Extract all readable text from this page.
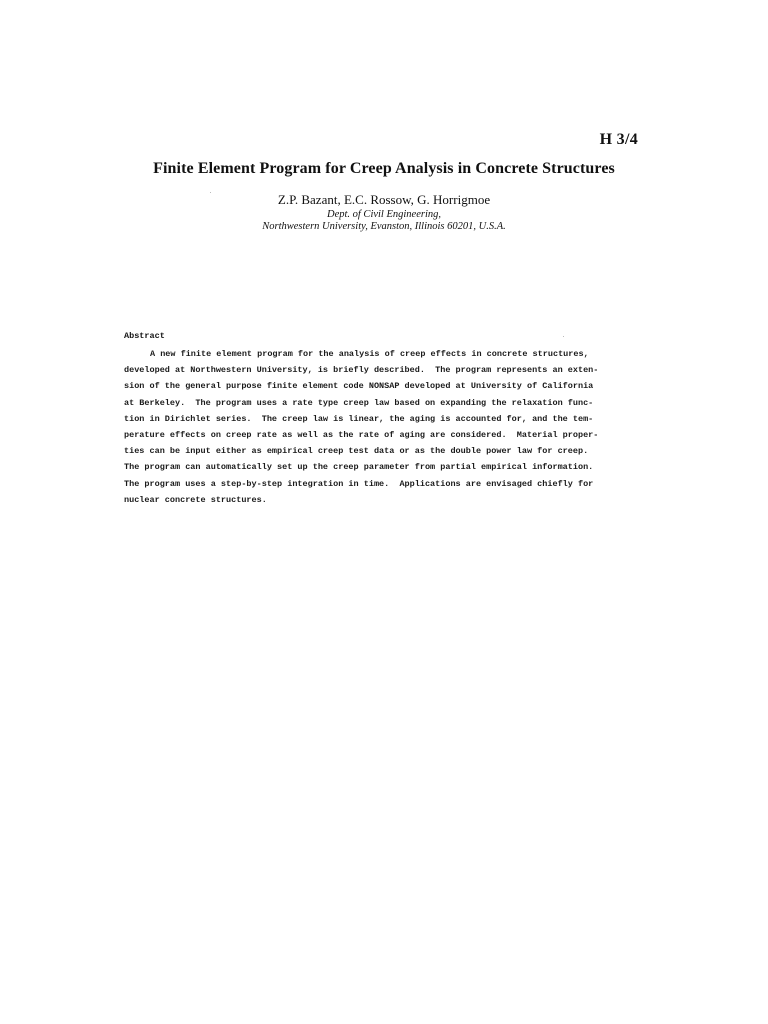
H 3/4
Finite Element Program for Creep Analysis in Concrete Structures
Z.P. Bazant, E.C. Rossow, G. Horrigmoe
Dept. of Civil Engineering,
Northwestern University, Evanston, Illinois 60201, U.S.A.
Abstract
A new finite element program for the analysis of creep effects in concrete structures,
developed at Northwestern University, is briefly described.  The program represents an exten-
sion of the general purpose finite element code NONSAP developed at University of California
at Berkeley.  The program uses a rate type creep law based on expanding the relaxation func-
tion in Dirichlet series.  The creep law is linear, the aging is accounted for, and the tem-
perature effects on creep rate as well as the rate of aging are considered.  Material proper-
ties can be input either as empirical creep test data or as the double power law for creep.
The program can automatically set up the creep parameter from partial empirical information.
The program uses a step-by-step integration in time.  Applications are envisaged chiefly for
nuclear concrete structures.
